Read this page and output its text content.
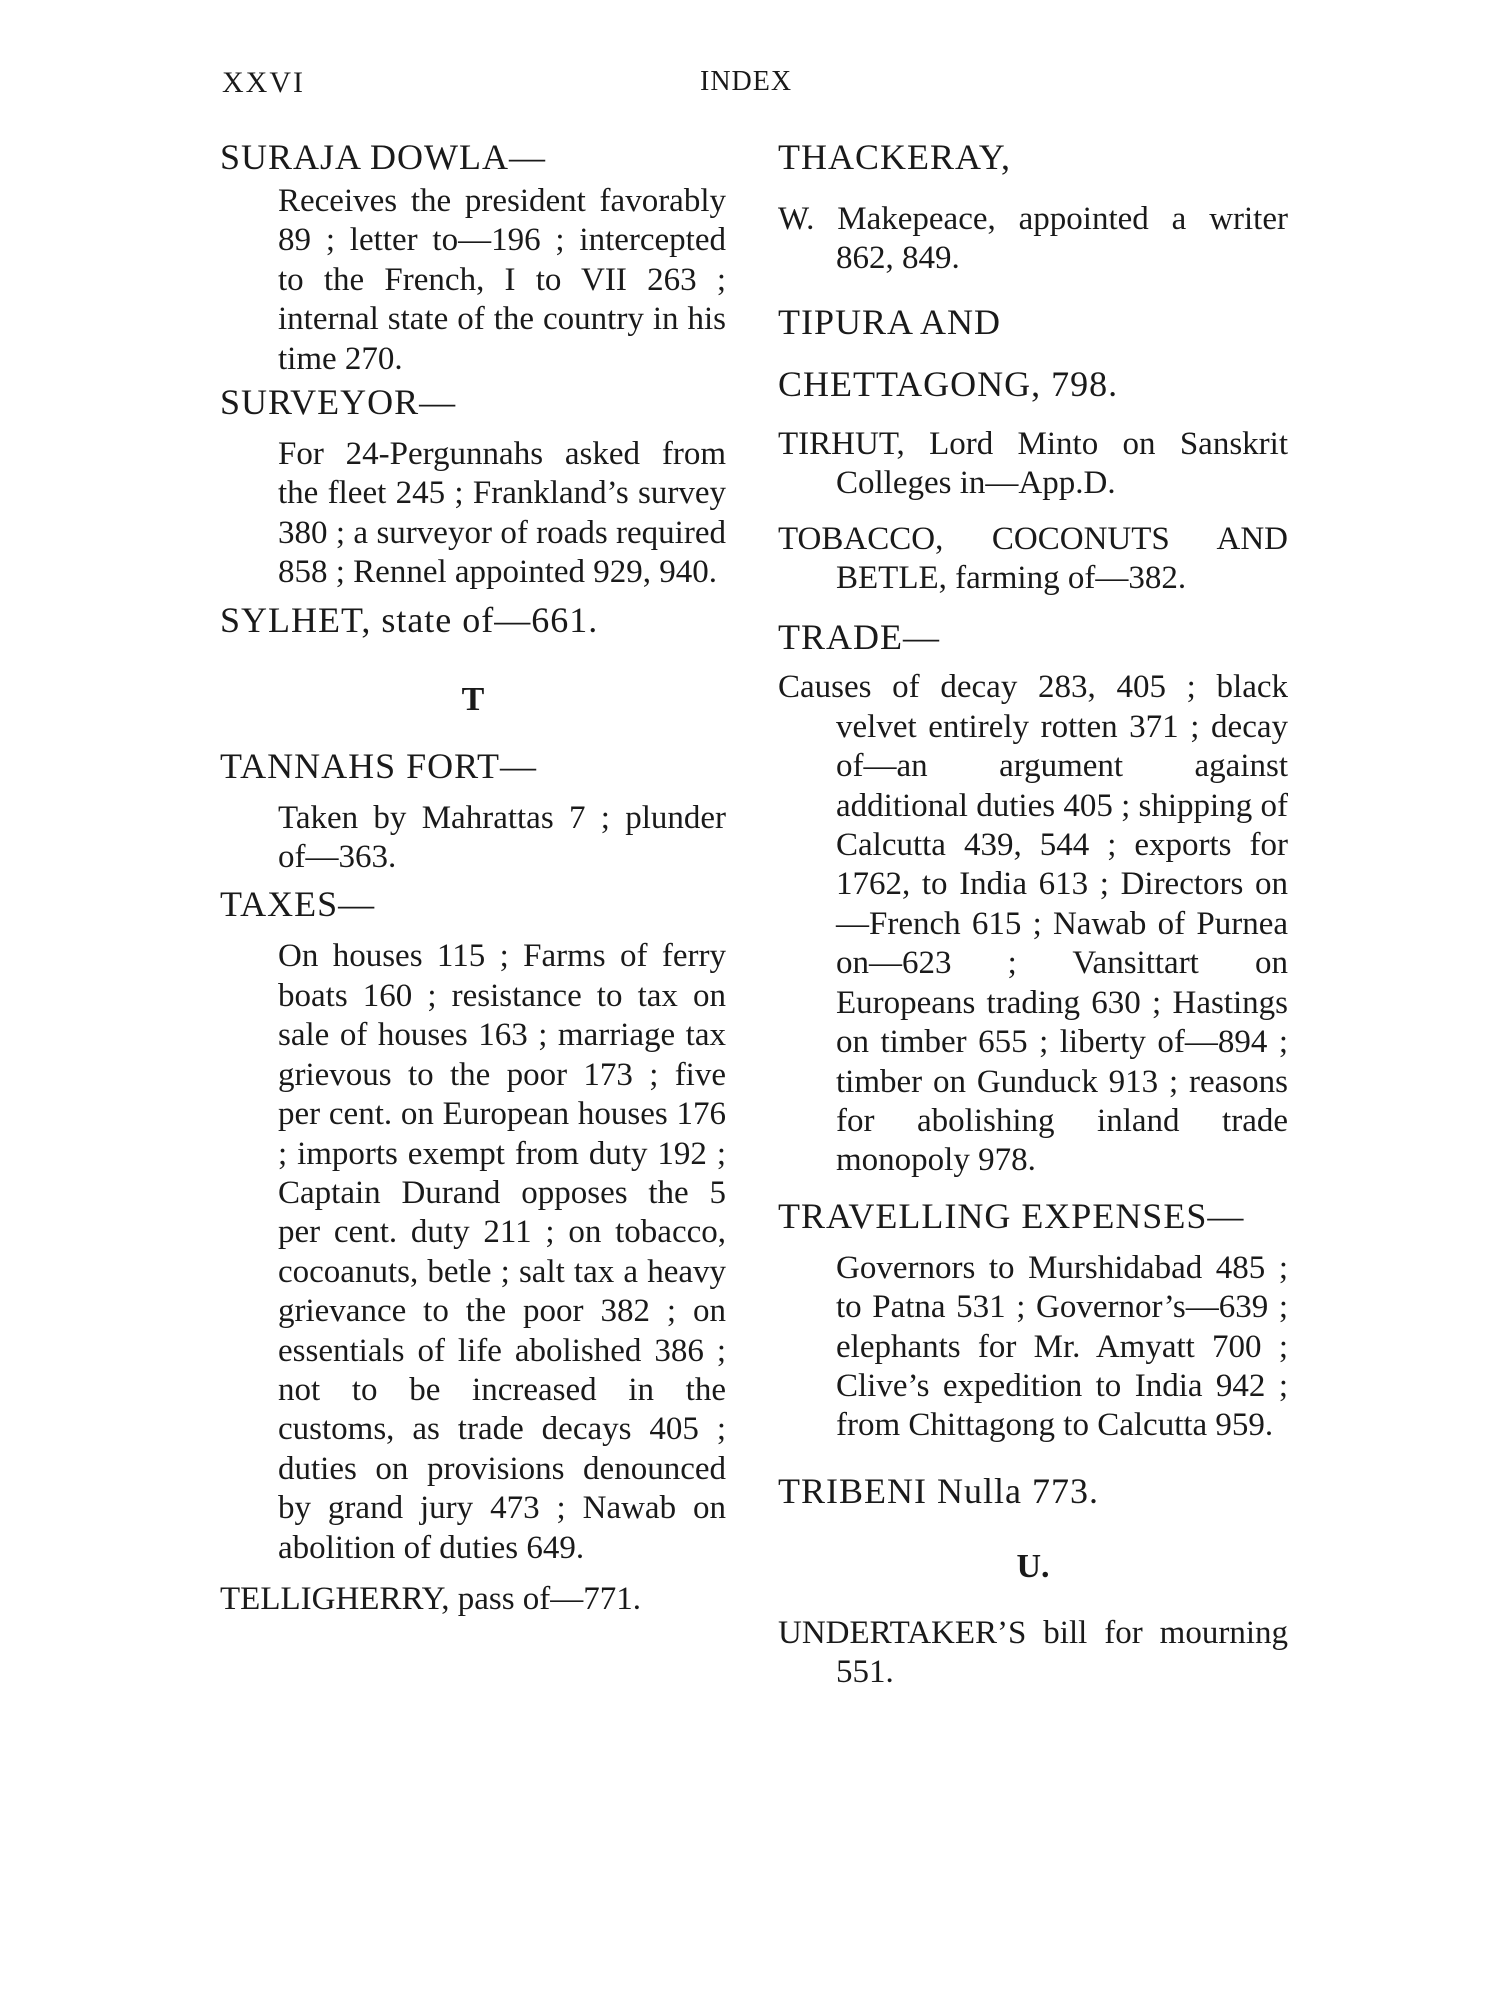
XXVI	INDEX
SURAJA DOWLA—
Receives the president favorably 89 ; letter to—196 ; intercepted to the French, I to VII 263 ; internal state of the country in his time 270.
SURVEYOR—
For 24-Pergunnahs asked from the fleet 245 ; Frankland’s survey 380 ; a surveyor of roads required 858 ; Rennel appointed 929, 940.
SYLHET, state of—661.
T
TANNAHS FORT—
Taken by Mahrattas 7 ; plunder of—363.
TAXES—
On houses 115 ; Farms of ferry boats 160 ; resistance to tax on sale of houses 163 ; marriage tax grievous to the poor 173 ; five per cent. on European houses 176 ; imports exempt from duty 192 ; Captain Durand opposes the 5 per cent. duty 211 ; on tobacco, cocoanuts, betle ; salt tax a heavy grievance to the poor 382 ; on essentials of life abolished 386 ; not to be increased in the customs, as trade decays 405 ; duties on provisions denounced by grand jury 473 ; Nawab on abolition of duties 649.
TELLIGHERRY, pass of—771.
THACKERAY,
W. Makepeace, appointed a writer 862, 849.
TIPURA AND
CHETTAGONG, 798.
TIRHUT, Lord Minto on Sanskrit Colleges in—App.D.
TOBACCO, COCONUTS AND BETLE, farming of—382.
TRADE—
Causes of decay 283, 405 ; black velvet entirely rotten 371 ; decay of—an argument against additional duties 405 ; shipping of Calcutta 439, 544 ; exports for 1762, to India 613 ; Directors on—French 615 ; Nawab of Purnea on—623 ; Vansittart on Europeans trading 630 ; Hastings on timber 655 ; liberty of—894 ; timber on Gunduck 913 ; reasons for abolishing inland trade monopoly 978.
TRAVELLING EXPENSES—
Governors to Murshidabad 485 ; to Patna 531 ; Governor’s—639 ; elephants for Mr. Amyatt 700 ; Clive’s expedition to India 942 ; from Chittagong to Calcutta 959.
TRIBENI Nulla 773.
U.
UNDERTAKER’S bill for mourning 551.
